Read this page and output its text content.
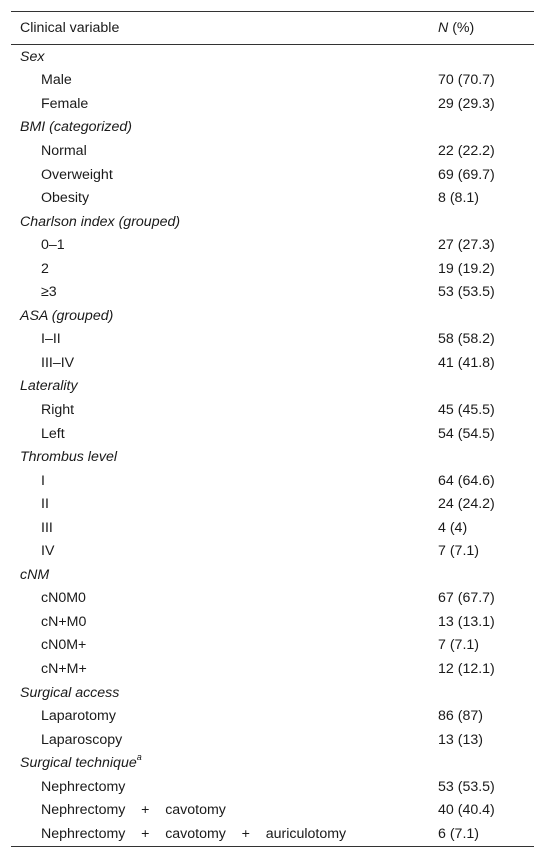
Clinical variable	N (%)
Sex
Male	70 (70.7)
Female	29 (29.3)
BMI (categorized)
Normal	22 (22.2)
Overweight	69 (69.7)
Obesity	8 (8.1)
Charlson index (grouped)
0–1	27 (27.3)
2	19 (19.2)
≥3	53 (53.5)
ASA (grouped)
I–II	58 (58.2)
III–IV	41 (41.8)
Laterality
Right	45 (45.5)
Left	54 (54.5)
Thrombus level
I	64 (64.6)
II	24 (24.2)
III	4 (4)
IV	7 (7.1)
cNM
cN0M0	67 (67.7)
cN+M0	13 (13.1)
cN0M+	7 (7.1)
cN+M+	12 (12.1)
Surgical access
Laparotomy	86 (87)
Laparoscopy	13 (13)
Surgical technique$^a$
Nephrectomy	53 (53.5)
Nephrectomy    +    cavotomy	40 (40.4)
Nephrectomy    +    cavotomy    +    auriculotomy	6 (7.1)
